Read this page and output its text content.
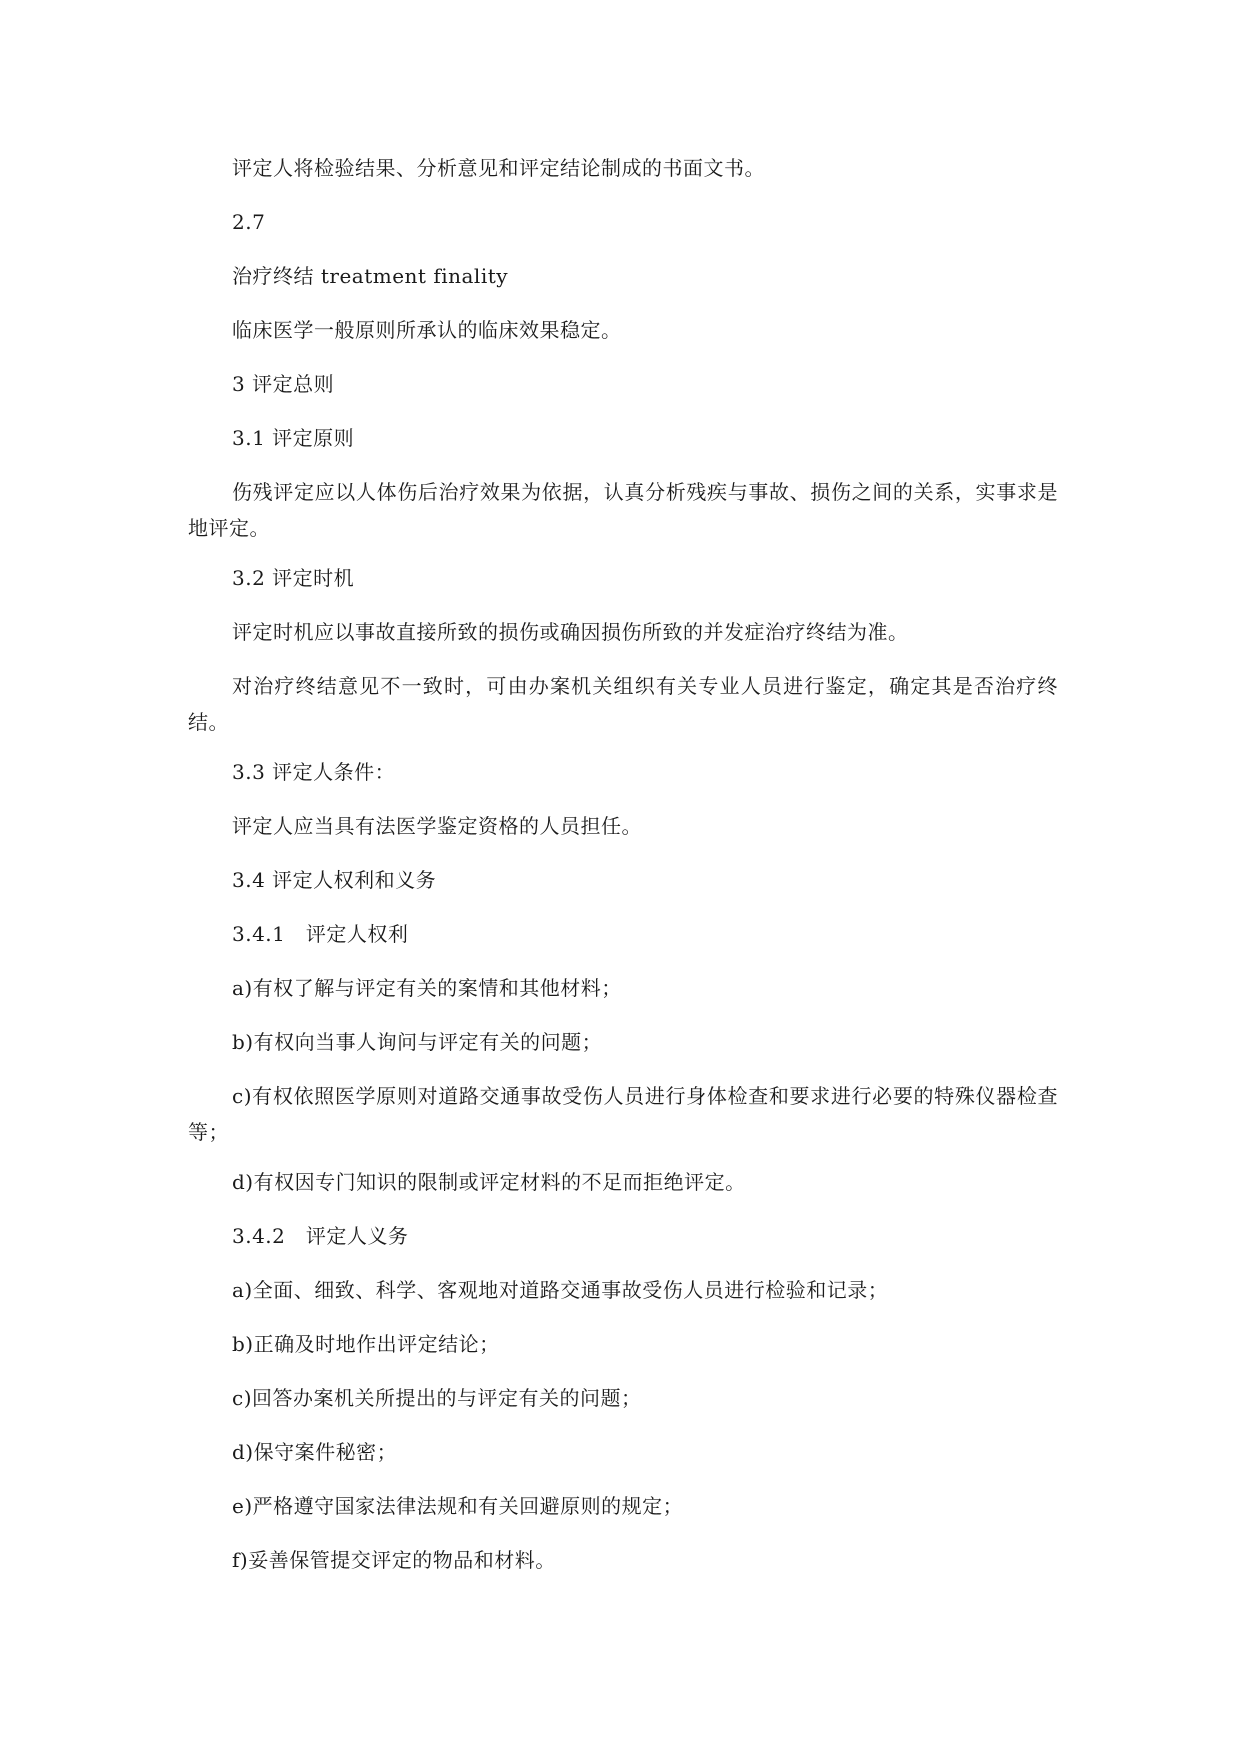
评定人将检验结果、分析意见和评定结论制成的书面文书。

2.7

治疗终结 treatment finality

临床医学一般原则所承认的临床效果稳定。

3 评定总则

3.1 评定原则

伤残评定应以人体伤后治疗效果为依据，认真分析残疾与事故、损伤之间的关系，实事求是地评定。

3.2 评定时机

评定时机应以事故直接所致的损伤或确因损伤所致的并发症治疗终结为准。

对治疗终结意见不一致时，可由办案机关组织有关专业人员进行鉴定，确定其是否治疗终结。

3.3 评定人条件：

评定人应当具有法医学鉴定资格的人员担任。

3.4 评定人权利和义务

3.4.1　评定人权利

a)有权了解与评定有关的案情和其他材料；

b)有权向当事人询问与评定有关的问题；

c)有权依照医学原则对道路交通事故受伤人员进行身体检查和要求进行必要的特殊仪器检查等；

d)有权因专门知识的限制或评定材料的不足而拒绝评定。

3.4.2　评定人义务

a)全面、细致、科学、客观地对道路交通事故受伤人员进行检验和记录；

b)正确及时地作出评定结论；

c)回答办案机关所提出的与评定有关的问题；

d)保守案件秘密；

e)严格遵守国家法律法规和有关回避原则的规定；

f)妥善保管提交评定的物品和材料。
